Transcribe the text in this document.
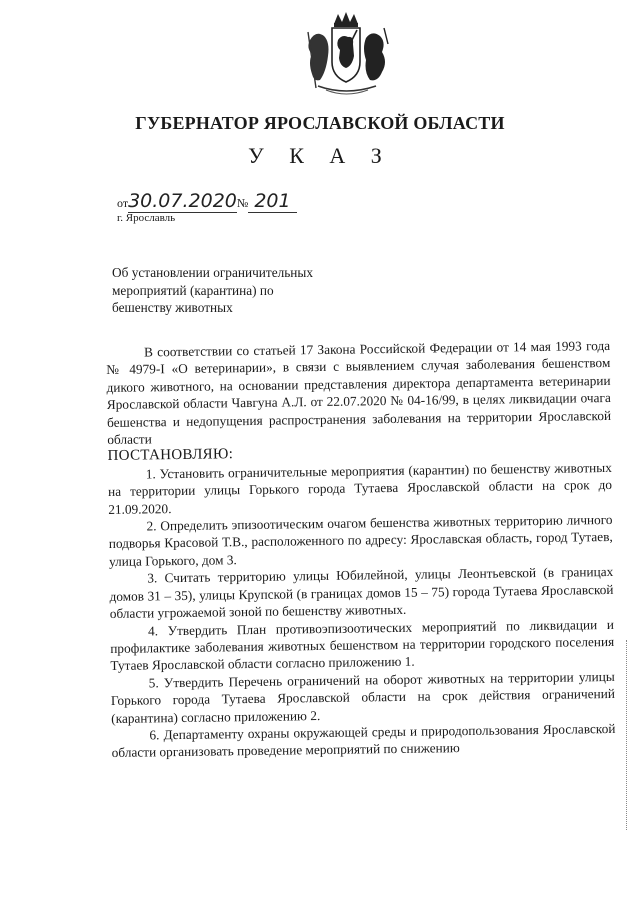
ГУБЕРНАТОР ЯРОСЛАВСКОЙ ОБЛАСТИ
У К А З
от30.07.2020№ 201
г. Ярославль
Об установлении ограничительных
мероприятий (карантина) по
бешенству животных

В соответствии со статьей 17 Закона Российской Федерации от 14 мая 1993 года № 4979-I «О ветеринарии», в связи с выявлением случая заболевания бешенством дикого животного, на основании представления директора департамента ветеринарии Ярославской области Чавгуна А.Л. от 22.07.2020 № 04-16/99, в целях ликвидации очага бешенства и недопущения распространения заболевания на территории Ярославской области

ПОСТАНОВЛЯЮ:

1. Установить ограничительные мероприятия (карантин) по бешенству животных на территории улицы Горького города Тутаева Ярославской области на срок до 21.09.2020.

2. Определить эпизоотическим очагом бешенства животных территорию личного подворья Красовой Т.В., расположенного по адресу: Ярославская область, город Тутаев, улица Горького, дом 3.

3. Считать территорию улицы Юбилейной, улицы Леонтьевской (в границах домов 31 – 35), улицы Крупской (в границах домов 15 – 75) города Тутаева Ярославской области угрожаемой зоной по бешенству животных.

4. Утвердить План противоэпизоотических мероприятий по ликвидации и профилактике заболевания животных бешенством на территории городского поселения Тутаев Ярославской области согласно приложению 1.

5. Утвердить Перечень ограничений на оборот животных на территории улицы Горького города Тутаева Ярославской области на срок действия ограничений (карантина) согласно приложению 2.

6. Департаменту охраны окружающей среды и природопользования Ярославской области организовать проведение мероприятий по снижению
